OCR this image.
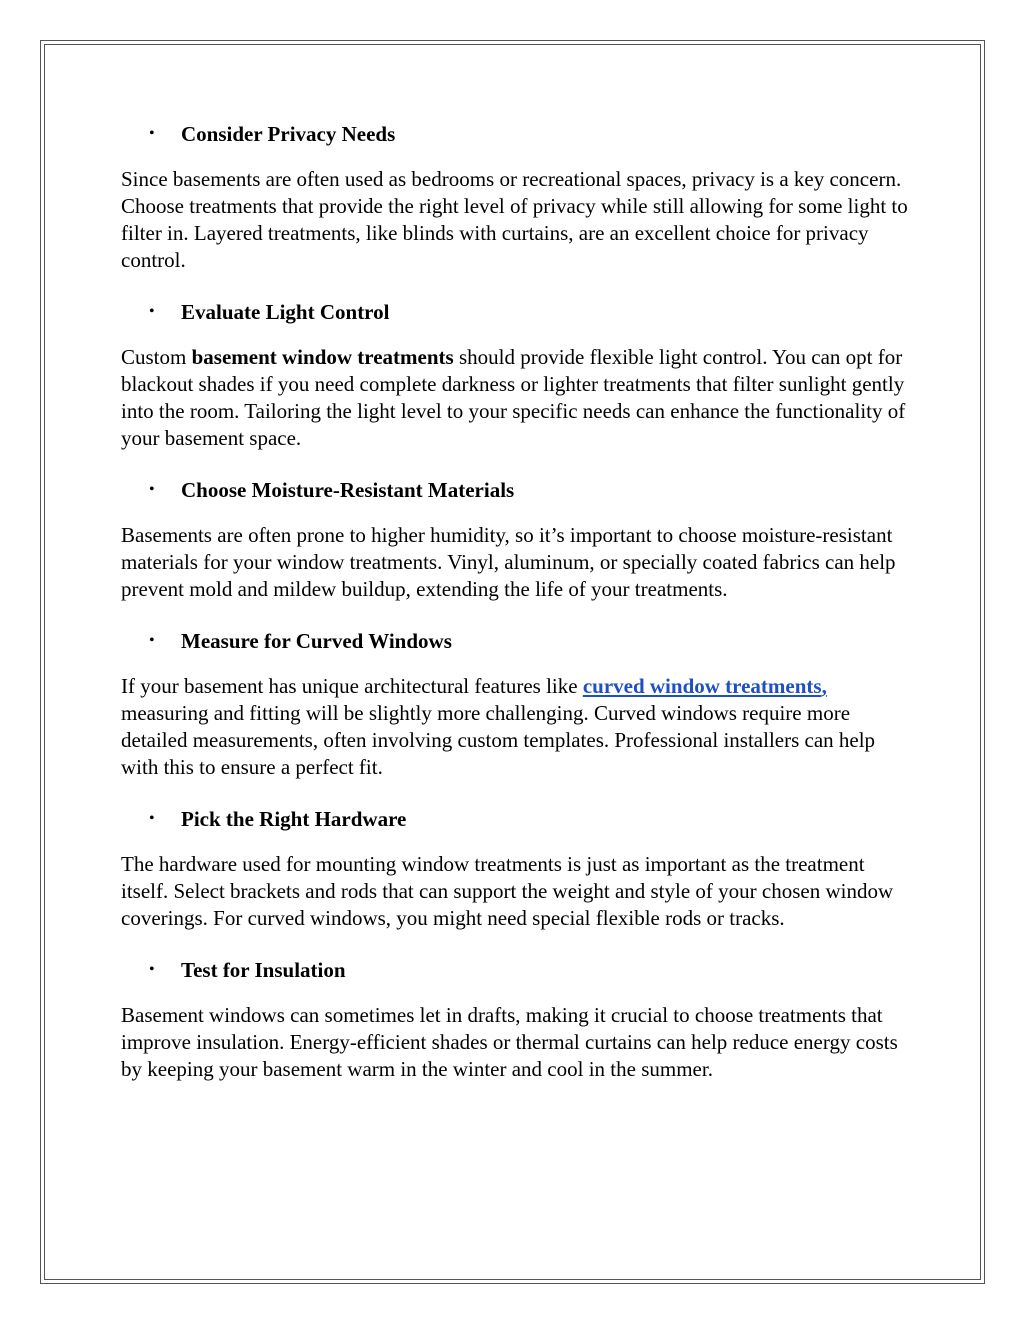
• Consider Privacy Needs

Since basements are often used as bedrooms or recreational spaces, privacy is a key concern. Choose treatments that provide the right level of privacy while still allowing for some light to filter in. Layered treatments, like blinds with curtains, are an excellent choice for privacy control.

• Evaluate Light Control

Custom basement window treatments should provide flexible light control. You can opt for blackout shades if you need complete darkness or lighter treatments that filter sunlight gently into the room. Tailoring the light level to your specific needs can enhance the functionality of your basement space.

• Choose Moisture-Resistant Materials

Basements are often prone to higher humidity, so it’s important to choose moisture-resistant materials for your window treatments. Vinyl, aluminum, or specially coated fabrics can help prevent mold and mildew buildup, extending the life of your treatments.

• Measure for Curved Windows

If your basement has unique architectural features like curved window treatments, measuring and fitting will be slightly more challenging. Curved windows require more detailed measurements, often involving custom templates. Professional installers can help with this to ensure a perfect fit.

• Pick the Right Hardware

The hardware used for mounting window treatments is just as important as the treatment itself. Select brackets and rods that can support the weight and style of your chosen window coverings. For curved windows, you might need special flexible rods or tracks.

• Test for Insulation

Basement windows can sometimes let in drafts, making it crucial to choose treatments that improve insulation. Energy-efficient shades or thermal curtains can help reduce energy costs by keeping your basement warm in the winter and cool in the summer.
